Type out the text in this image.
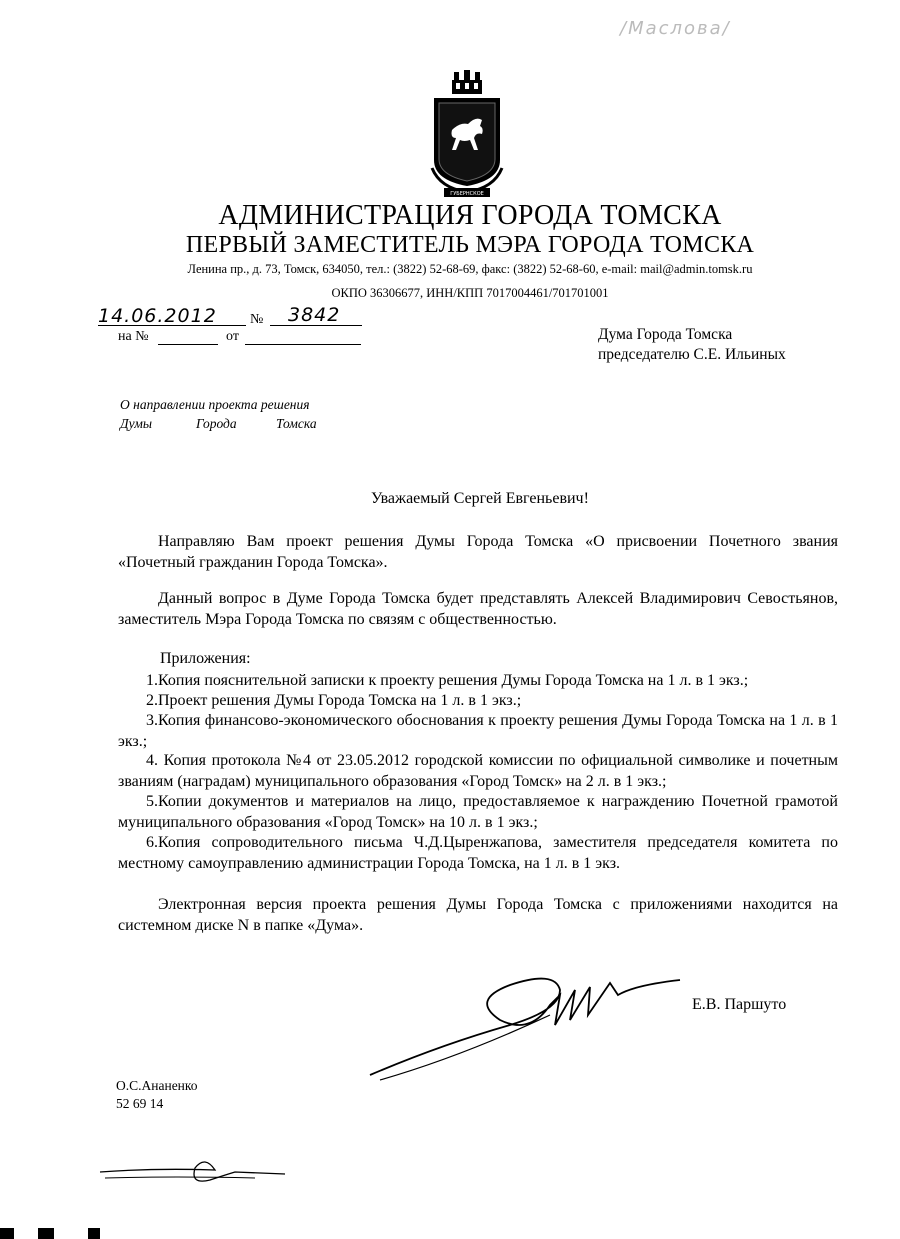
/Маслова/
ГУБЕРНСКОЕ
АДМИНИСТРАЦИЯ ГОРОДА ТОМСКА
ПЕРВЫЙ ЗАМЕСТИТЕЛЬ МЭРА ГОРОДА ТОМСКА
Ленина пр., д. 73, Томск, 634050, тел.: (3822) 52-68-69, факс: (3822) 52-68-60, e-mail: mail@admin.tomsk.ru
ОКПО 36306677, ИНН/КПП 7017004461/701701001
14.06.2012 № 3842
на №	от	Дума Города Томска
председателю С.Е. Ильиных
О направлении проекта решения
Думы	Города	Томска
Уважаемый Сергей Евгеньевич!
Направляю Вам проект решения Думы Города Томска «О присвоении Почетного звания «Почетный гражданин Города Томска».
Данный вопрос в Думе Города Томска будет представлять Алексей Владимирович Севостьянов, заместитель Мэра Города Томска по связям с общественностью.
Приложения:
1.Копия пояснительной записки к проекту решения Думы Города Томска на 1 л. в 1 экз.;
2.Проект решения Думы Города Томска на 1 л. в 1 экз.;
3.Копия финансово-экономического обоснования к проекту решения Думы Города Томска на 1 л. в 1 экз.;
4. Копия протокола №4 от 23.05.2012 городской комиссии по официальной символике и почетным званиям (наградам) муниципального образования «Город Томск» на 2 л. в 1 экз.;
5.Копии документов и материалов на лицо, предоставляемое к награждению Почетной грамотой муниципального образования «Город Томск» на 10 л. в 1 экз.;
6.Копия сопроводительного письма Ч.Д.Цыренжапова, заместителя председателя комитета по местному самоуправлению администрации Города Томска, на 1 л. в 1 экз.
Электронная версия проекта решения Думы Города Томска с приложениями находится на системном диске N в папке «Дума».
Е.В. Паршуто
О.С.Ананенко
52 69 14
